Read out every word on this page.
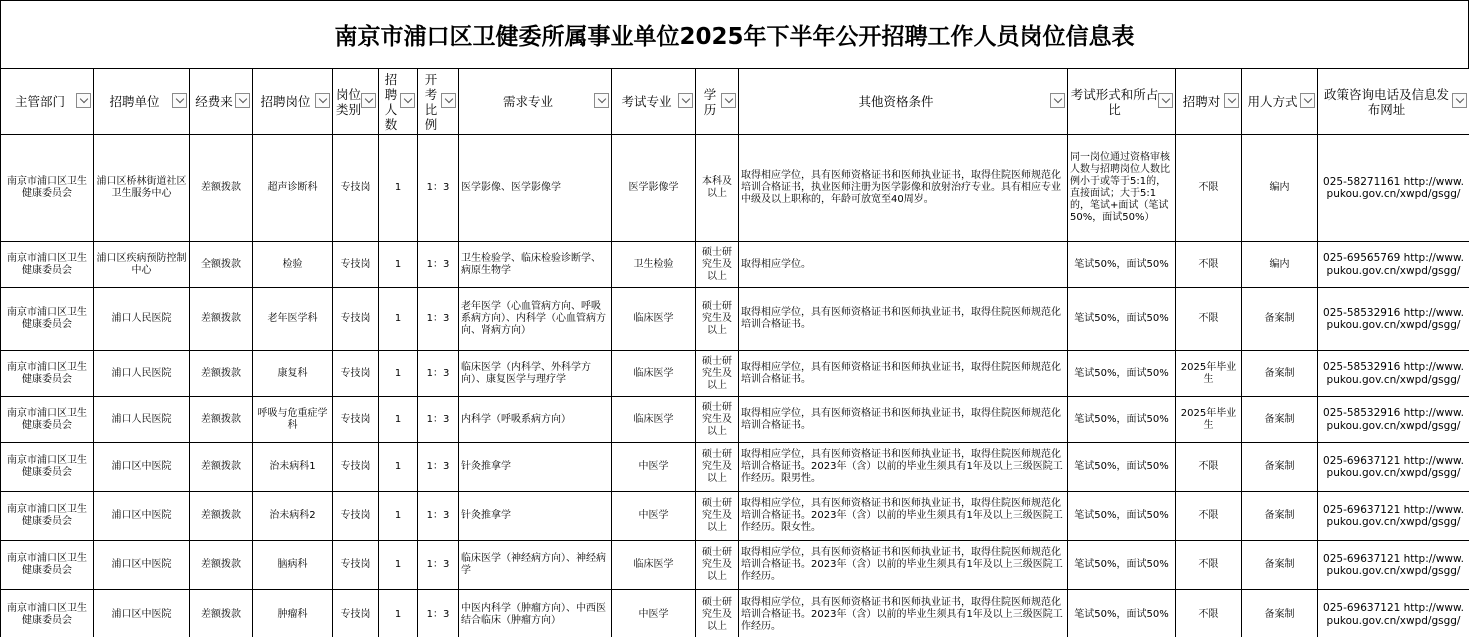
南京市浦口区卫健委所属事业单位2025年下半年公开招聘工作人员岗位信息表
主管部门	招聘单位	经费来	招聘岗位	岗位类别	招聘人数	开考比例	需求专业	考试专业	学历	其他资格条件	考试形式和所占比	招聘对	用人方式	政策咨询电话及信息发布网址

南京市浦口区卫生健康委员会	浦口区桥林街道社区卫生服务中心	差额拨款	超声诊断科	专技岗	1	1：3	医学影像、医学影像学	医学影像学	本科及以上	取得相应学位，具有医师资格证书和医师执业证书，取得住院医师规范化培训合格证书，执业医师注册为医学影像和放射治疗专业。具有相应专业中级及以上职称的，年龄可放宽至40周岁。	同一岗位通过资格审核人数与招聘岗位人数比例小于或等于5:1的，直接面试；大于5:1的，笔试+面试（笔试50%，面试50%）	不限	编内	025-58271161 http://www.pukou.gov.cn/xwpd/gsgg/
南京市浦口区卫生健康委员会	浦口区疾病预防控制中心	全额拨款	检验	专技岗	1	1：3	卫生检验学、临床检验诊断学、病原生物学	卫生检验	硕士研究生及以上	取得相应学位。	笔试50%，面试50%	不限	编内	025-69565769 http://www.pukou.gov.cn/xwpd/gsgg/
南京市浦口区卫生健康委员会	浦口人民医院	差额拨款	老年医学科	专技岗	1	1：3	老年医学（心血管病方向、呼吸系病方向）、内科学（心血管病方向、肾病方向）	临床医学	硕士研究生及以上	取得相应学位，具有医师资格证书和医师执业证书，取得住院医师规范化培训合格证书。	笔试50%，面试50%	不限	备案制	025-58532916 http://www.pukou.gov.cn/xwpd/gsgg/
南京市浦口区卫生健康委员会	浦口人民医院	差额拨款	康复科	专技岗	1	1：3	临床医学（内科学、外科学方向）、康复医学与理疗学	临床医学	硕士研究生及以上	取得相应学位，具有医师资格证书和医师执业证书，取得住院医师规范化培训合格证书。	笔试50%，面试50%	2025年毕业生	备案制	025-58532916 http://www.pukou.gov.cn/xwpd/gsgg/
南京市浦口区卫生健康委员会	浦口人民医院	差额拨款	呼吸与危重症学科	专技岗	1	1：3	内科学（呼吸系病方向）	临床医学	硕士研究生及以上	取得相应学位，具有医师资格证书和医师执业证书，取得住院医师规范化培训合格证书。	笔试50%，面试50%	2025年毕业生	备案制	025-58532916 http://www.pukou.gov.cn/xwpd/gsgg/
南京市浦口区卫生健康委员会	浦口区中医院	差额拨款	治未病科1	专技岗	1	1：3	针灸推拿学	中医学	硕士研究生及以上	取得相应学位，具有医师资格证书和医师执业证书，取得住院医师规范化培训合格证书。2023年（含）以前的毕业生须具有1年及以上三级医院工作经历。限男性。	笔试50%，面试50%	不限	备案制	025-69637121 http://www.pukou.gov.cn/xwpd/gsgg/
南京市浦口区卫生健康委员会	浦口区中医院	差额拨款	治未病科2	专技岗	1	1：3	针灸推拿学	中医学	硕士研究生及以上	取得相应学位，具有医师资格证书和医师执业证书，取得住院医师规范化培训合格证书。2023年（含）以前的毕业生须具有1年及以上三级医院工作经历。限女性。	笔试50%，面试50%	不限	备案制	025-69637121 http://www.pukou.gov.cn/xwpd/gsgg/
南京市浦口区卫生健康委员会	浦口区中医院	差额拨款	脑病科	专技岗	1	1：3	临床医学（神经病方向）、神经病学	临床医学	硕士研究生及以上	取得相应学位，具有医师资格证书和医师执业证书，取得住院医师规范化培训合格证书。2023年（含）以前的毕业生须具有1年及以上三级医院工作经历。	笔试50%，面试50%	不限	备案制	025-69637121 http://www.pukou.gov.cn/xwpd/gsgg/
南京市浦口区卫生健康委员会	浦口区中医院	差额拨款	肿瘤科	专技岗	1	1：3	中医内科学（肿瘤方向）、中西医结合临床（肿瘤方向）	中医学	硕士研究生及以上	取得相应学位，具有医师资格证书和医师执业证书，取得住院医师规范化培训合格证书。2023年（含）以前的毕业生须具有1年及以上三级医院工作经历。	笔试50%，面试50%	不限	备案制	025-69637121 http://www.pukou.gov.cn/xwpd/gsgg/
